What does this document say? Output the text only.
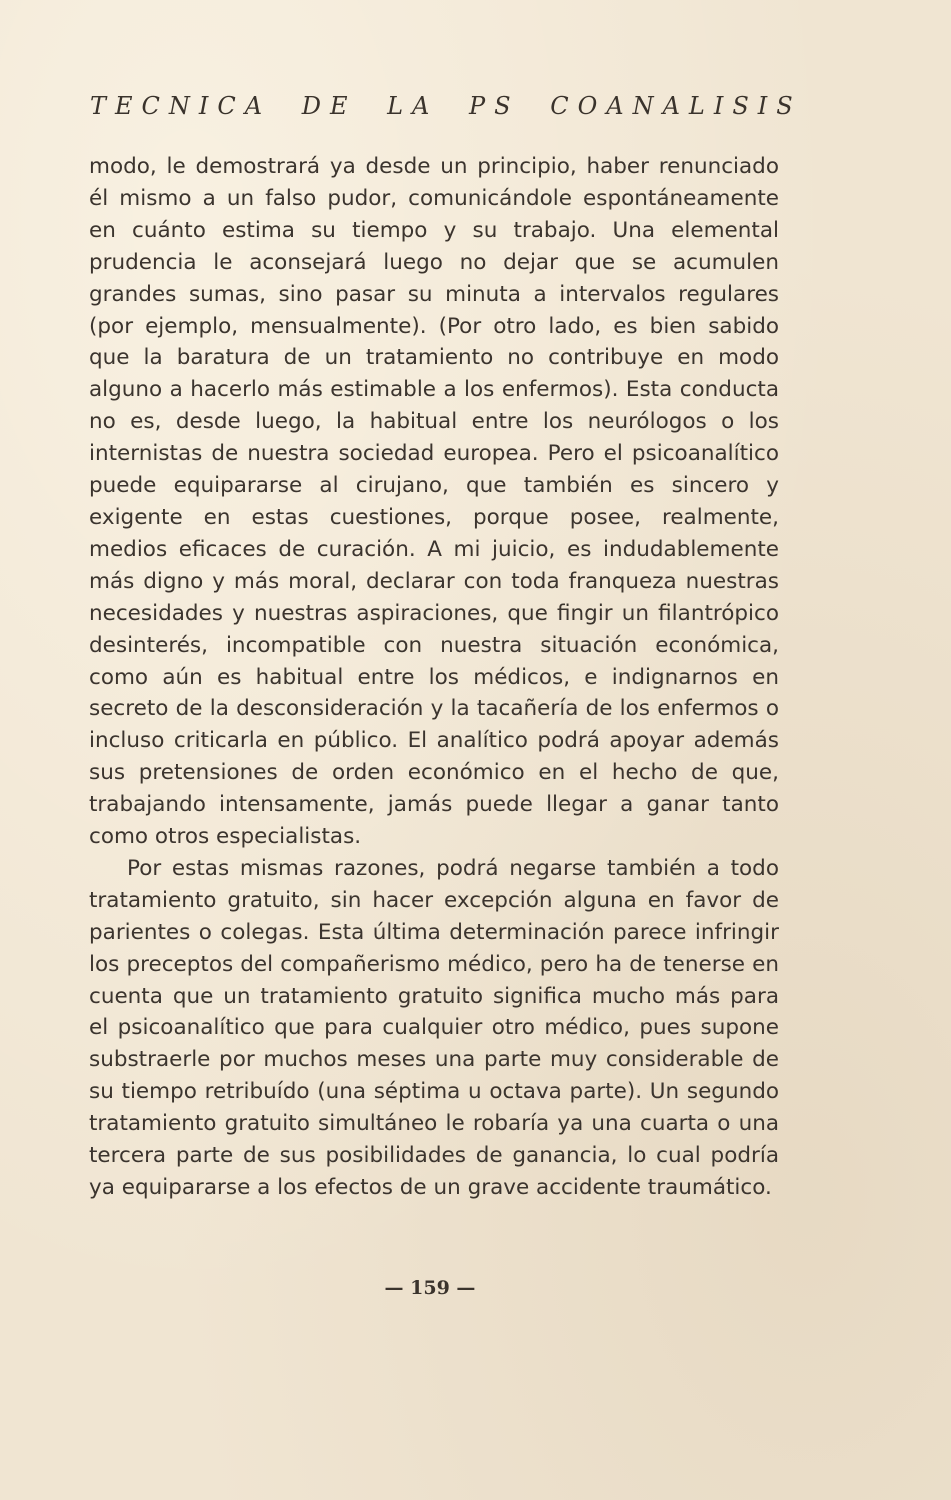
TECNICA DE LA PS COANALISIS

modo, le demostrará ya desde un principio, haber renunciado él mismo a un falso pudor, comunicándole espontáneamente en cuánto estima su tiempo y su trabajo. Una elemental prudencia le aconsejará luego no dejar que se acumulen grandes sumas, sino pasar su minuta a intervalos regulares (por ejemplo, mensualmente). (Por otro lado, es bien sabido que la baratura de un tratamiento no contribuye en modo alguno a hacerlo más estimable a los enfermos). Esta conducta no es, desde luego, la habitual entre los neurólogos o los internistas de nuestra sociedad europea. Pero el psicoanalítico puede equipararse al cirujano, que también es sincero y exigente en estas cuestiones, porque posee, realmente, medios eficaces de curación. A mi juicio, es indudablemente más digno y más moral, declarar con toda franqueza nuestras necesidades y nuestras aspiraciones, que fingir un filantrópico desinterés, incompatible con nuestra situación económica, como aún es habitual entre los médicos, e indignarnos en secreto de la desconsideración y la tacañería de los enfermos o incluso criticarla en público. El analítico podrá apoyar además sus pretensiones de orden económico en el hecho de que, trabajando intensamente, jamás puede llegar a ganar tanto como otros especialistas.

Por estas mismas razones, podrá negarse también a todo tratamiento gratuito, sin hacer excepción alguna en favor de parientes o colegas. Esta última determinación parece infringir los preceptos del compañerismo médico, pero ha de tenerse en cuenta que un tratamiento gratuito significa mucho más para el psicoanalítico que para cualquier otro médico, pues supone substraerle por muchos meses una parte muy considerable de su tiempo retribuído (una séptima u octava parte). Un segundo tratamiento gratuito simultáneo le robaría ya una cuarta o una tercera parte de sus posibilidades de ganancia, lo cual podría ya equipararse a los efectos de un grave accidente traumático.

— 159 —
